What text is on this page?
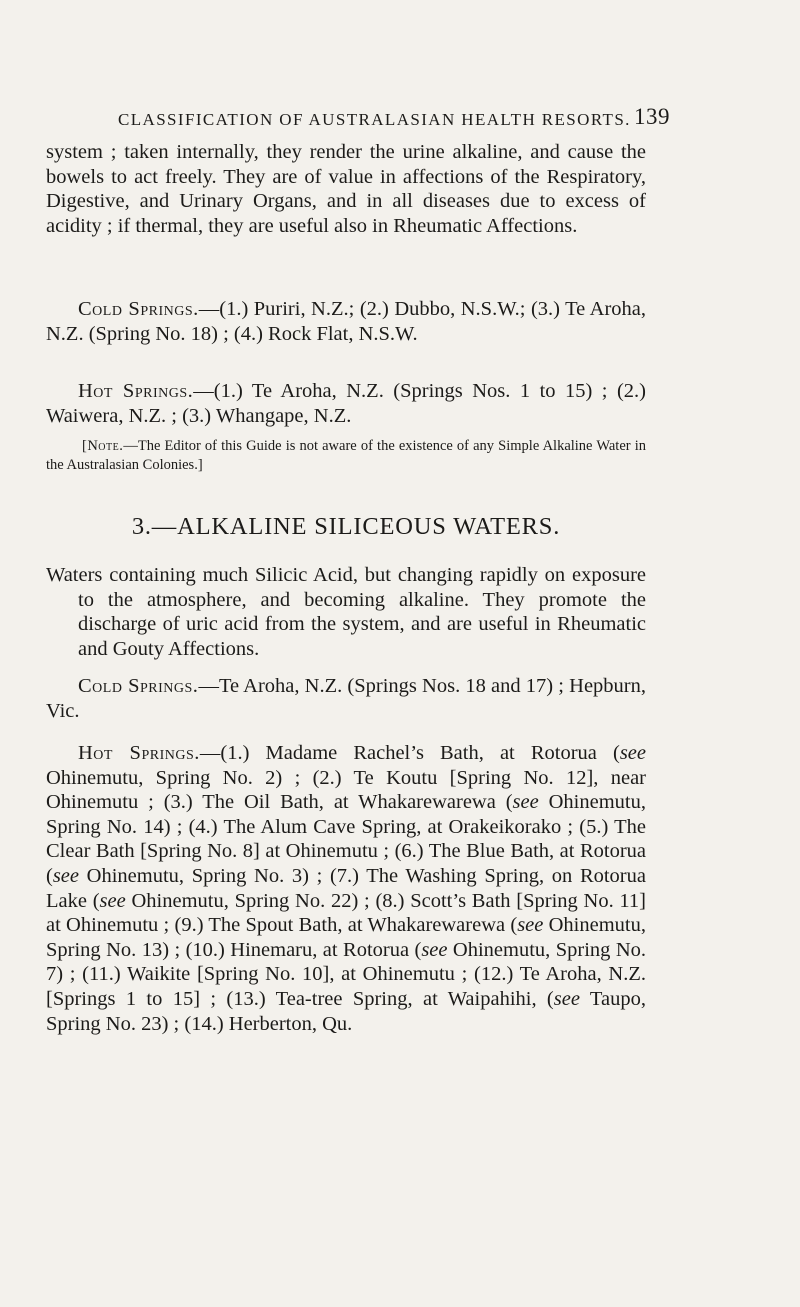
CLASSIFICATION OF AUSTRALASIAN HEALTH RESORTS. 139

system ; taken internally, they render the urine alkaline, and cause the bowels to act freely. They are of value in affections of the Respiratory, Digestive, and Urinary Organs, and in all diseases due to excess of acidity ; if thermal, they are useful also in Rheumatic Affections.

Cold Springs.—(1.) Puriri, N.Z.; (2.) Dubbo, N.S.W.; (3.) Te Aroha, N.Z. (Spring No. 18) ; (4.) Rock Flat, N.S.W.

Hot Springs.—(1.) Te Aroha, N.Z. (Springs Nos. 1 to 15) ; (2.) Waiwera, N.Z. ; (3.) Whangape, N.Z.

[Note.—The Editor of this Guide is not aware of the existence of any Simple Alkaline Water in the Australasian Colonies.]

3.—ALKALINE SILICEOUS WATERS.

Waters containing much Silicic Acid, but changing rapidly on exposure to the atmosphere, and becoming alkaline. They promote the discharge of uric acid from the system, and are useful in Rheumatic and Gouty Affections.

Cold Springs.—Te Aroha, N.Z. (Springs Nos. 18 and 17) ; Hepburn, Vic.

Hot Springs.—(1.) Madame Rachel’s Bath, at Rotorua (see Ohinemutu, Spring No. 2) ; (2.) Te Koutu [Spring No. 12], near Ohinemutu ; (3.) The Oil Bath, at Whakarewarewa (see Ohinemutu, Spring No. 14) ; (4.) The Alum Cave Spring, at Orakeikorako ; (5.) The Clear Bath [Spring No. 8] at Ohinemutu ; (6.) The Blue Bath, at Rotorua (see Ohinemutu, Spring No. 3) ; (7.) The Washing Spring, on Rotorua Lake (see Ohinemutu, Spring No. 22) ; (8.) Scott’s Bath [Spring No. 11] at Ohinemutu ; (9.) The Spout Bath, at Whakarewarewa (see Ohinemutu, Spring No. 13) ; (10.) Hinemaru, at Rotorua (see Ohinemutu, Spring No. 7) ; (11.) Waikite [Spring No. 10], at Ohinemutu ; (12.) Te Aroha, N.Z. [Springs 1 to 15] ; (13.) Tea-tree Spring, at Waipahihi, (see Taupo, Spring No. 23) ; (14.) Herberton, Qu.
